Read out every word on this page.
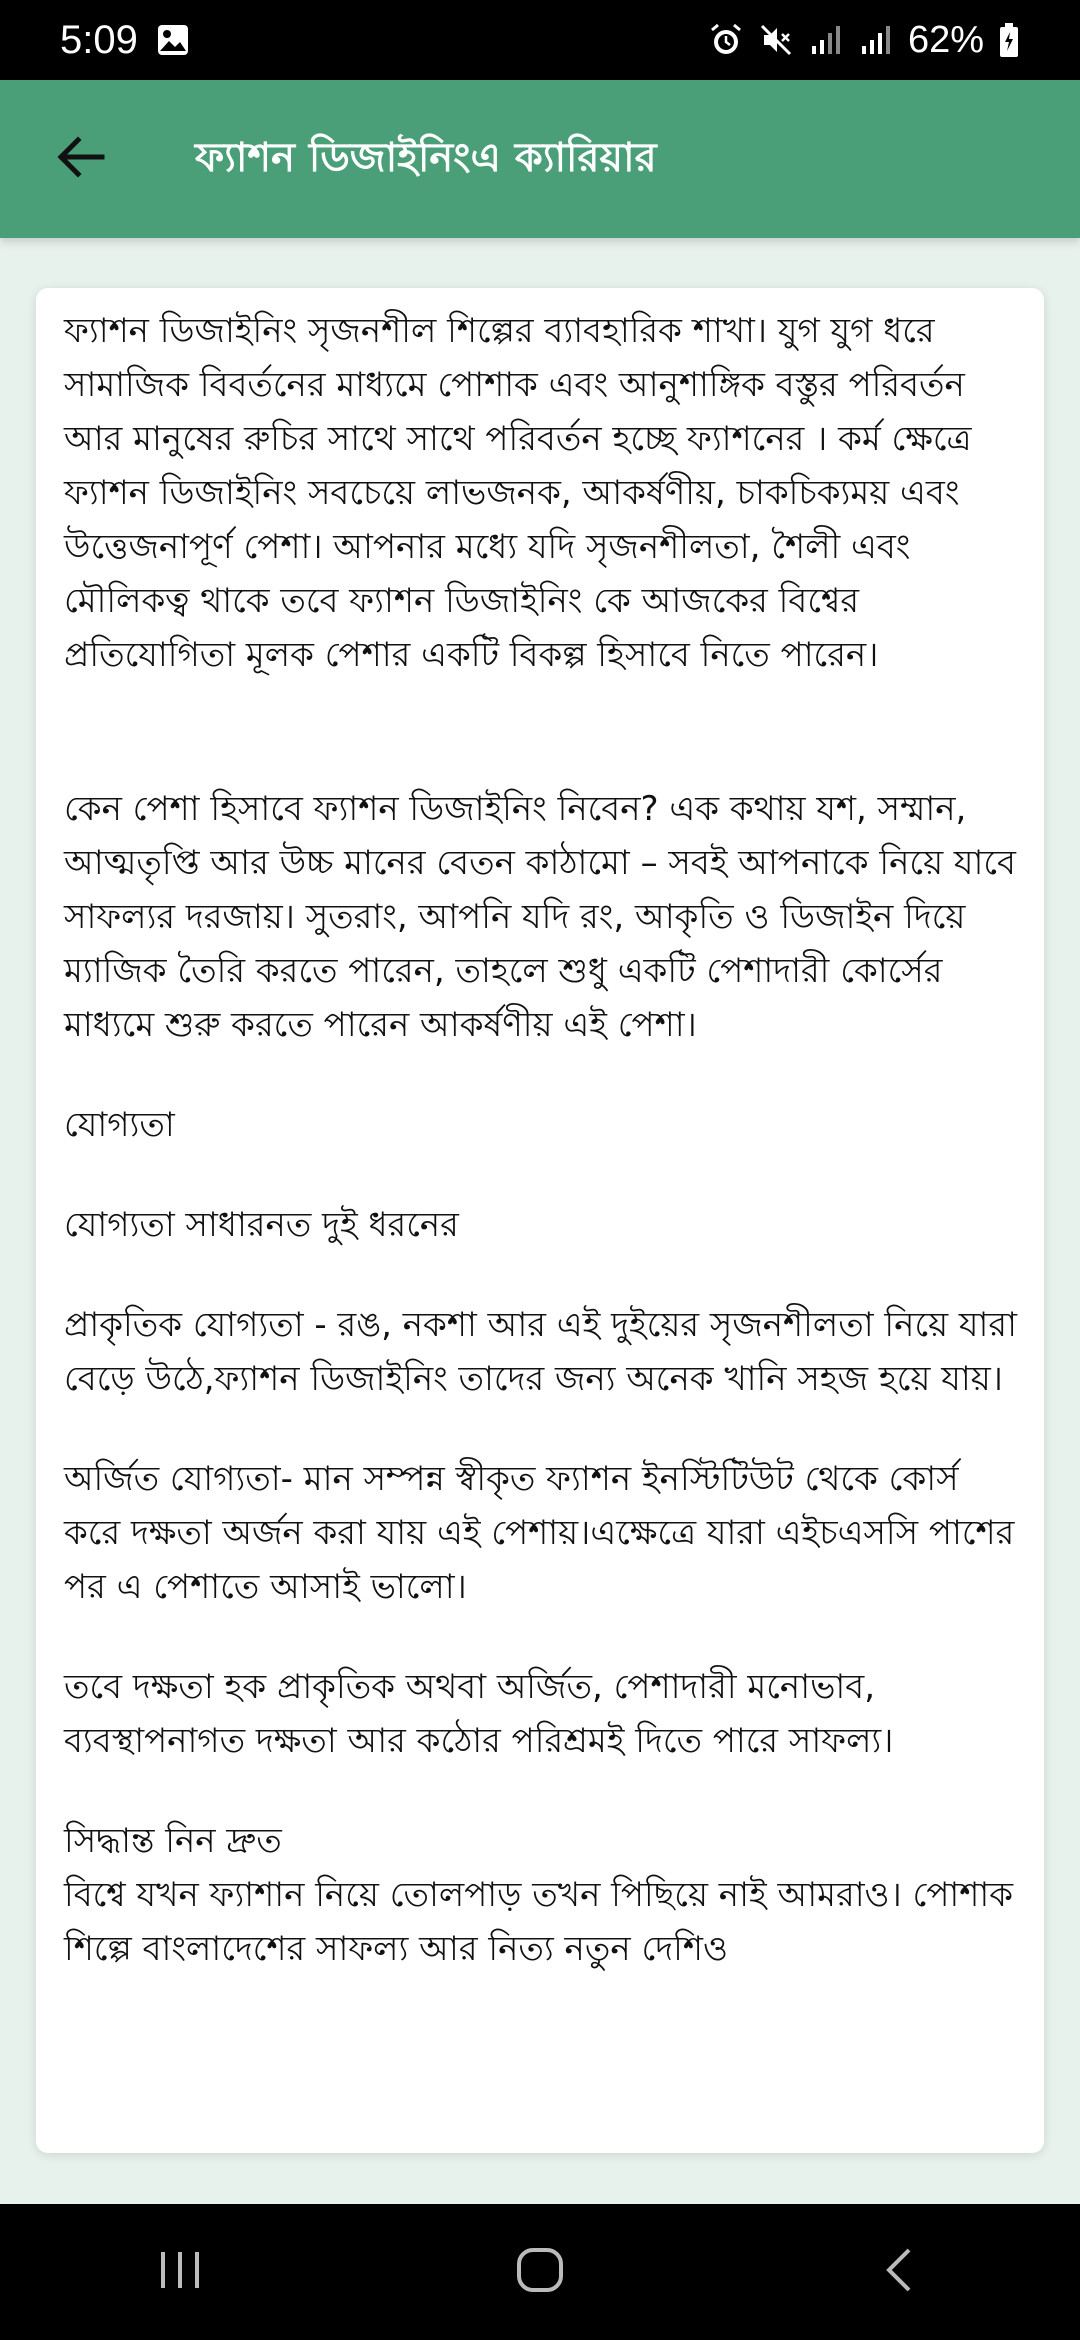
5:09	62%
ফ্যাশন ডিজাইনিংএ ক্যারিয়ার

ফ্যাশন ডিজাইনিং সৃজনশীল শিল্পের ব্যাবহারিক শাখা। যুগ যুগ ধরে সামাজিক বিবর্তনের মাধ্যমে পোশাক এবং আনুশাঙ্গিক বস্তুর পরিবর্তন আর মানুষের রুচির সাথে সাথে পরিবর্তন হচ্ছে ফ্যাশনের । কর্ম ক্ষেত্রে ফ্যাশন ডিজাইনিং সবচেয়ে লাভজনক, আকর্ষণীয়, চাকচিক্যময় এবং উত্তেজনাপূর্ণ পেশা। আপনার মধ্যে যদি সৃজনশীলতা, শৈলী এবং মৌলিকত্ব থাকে তবে ফ্যাশন ডিজাইনিং কে আজকের বিশ্বের প্রতিযোগিতা মূলক পেশার একটি বিকল্প হিসাবে নিতে পারেন।

কেন পেশা হিসাবে ফ্যাশন ডিজাইনিং নিবেন? এক কথায় যশ, সম্মান, আত্মতৃপ্তি আর উচ্চ মানের বেতন কাঠামো – সবই আপনাকে নিয়ে যাবে সাফল্যর দরজায়। সুতরাং, আপনি যদি রং, আকৃতি ও ডিজাইন দিয়ে ম্যাজিক তৈরি করতে পারেন, তাহলে শুধু একটি পেশাদারী কোর্সের মাধ্যমে শুরু করতে পারেন আকর্ষণীয় এই পেশা।

যোগ্যতা

যোগ্যতা সাধারনত দুই ধরনের

প্রাকৃতিক যোগ্যতা - রঙ, নকশা আর এই দুইয়ের সৃজনশীলতা নিয়ে যারা বেড়ে উঠে,ফ্যাশন ডিজাইনিং তাদের জন্য অনেক খানি সহজ হয়ে যায়।

অর্জিত যোগ্যতা- মান সম্পন্ন স্বীকৃত ফ্যাশন ইনস্টিটিউট থেকে কোর্স করে দক্ষতা অর্জন করা যায় এই পেশায়।এক্ষেত্রে যারা এইচএসসি পাশের পর এ পেশাতে আসাই ভালো।

তবে দক্ষতা হক প্রাকৃতিক অথবা অর্জিত, পেশাদারী মনোভাব, ব্যবস্থাপনাগত দক্ষতা আর কঠোর পরিশ্রমই দিতে পারে সাফল্য।

সিদ্ধান্ত নিন দ্রুত

বিশ্বে যখন ফ্যাশান নিয়ে তোলপাড় তখন পিছিয়ে নাই আমরাও। পোশাক শিল্পে বাংলাদেশের সাফল্য আর নিত্য নতুন দেশিও
